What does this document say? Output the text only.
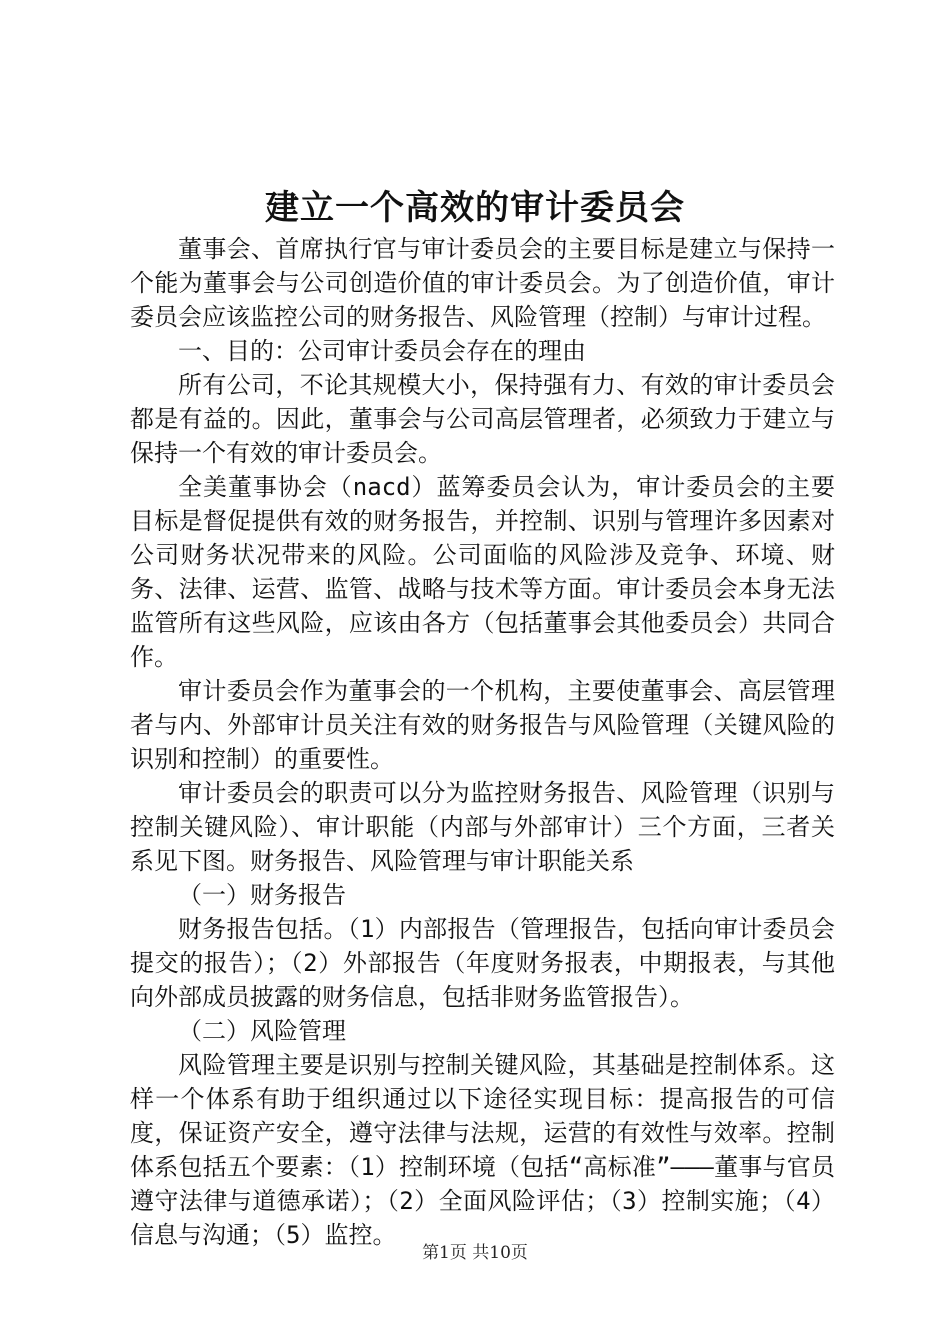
建立一个高效的审计委员会

董事会、首席执行官与审计委员会的主要目标是建立与保持一个能为董事会与公司创造价值的审计委员会。为了创造价值，审计委员会应该监控公司的财务报告、风险管理（控制）与审计过程。

一、目的：公司审计委员会存在的理由

所有公司，不论其规模大小，保持强有力、有效的审计委员会都是有益的。因此，董事会与公司高层管理者，必须致力于建立与保持一个有效的审计委员会。

全美董事协会（nacd）蓝筹委员会认为，审计委员会的主要目标是督促提供有效的财务报告，并控制、识别与管理许多因素对公司财务状况带来的风险。公司面临的风险涉及竞争、环境、财务、法律、运营、监管、战略与技术等方面。审计委员会本身无法监管所有这些风险，应该由各方（包括董事会其他委员会）共同合作。

审计委员会作为董事会的一个机构，主要使董事会、高层管理者与内、外部审计员关注有效的财务报告与风险管理（关键风险的识别和控制）的重要性。

审计委员会的职责可以分为监控财务报告、风险管理（识别与控制关键风险）、审计职能（内部与外部审计）三个方面，三者关系见下图。财务报告、风险管理与审计职能关系

（一）财务报告

财务报告包括。（1）内部报告（管理报告，包括向审计委员会提交的报告）；（2）外部报告（年度财务报表，中期报表，与其他向外部成员披露的财务信息，包括非财务监管报告）。

（二）风险管理

风险管理主要是识别与控制关键风险，其基础是控制体系。这样一个体系有助于组织通过以下途径实现目标：提高报告的可信度，保证资产安全，遵守法律与法规，运营的有效性与效率。控制体系包括五个要素：（1）控制环境（包括“高标准”———董事与官员遵守法律与道德承诺）；（2）全面风险评估；（3）控制实施；（4）信息与沟通；（5）监控。

第1页 共10页
